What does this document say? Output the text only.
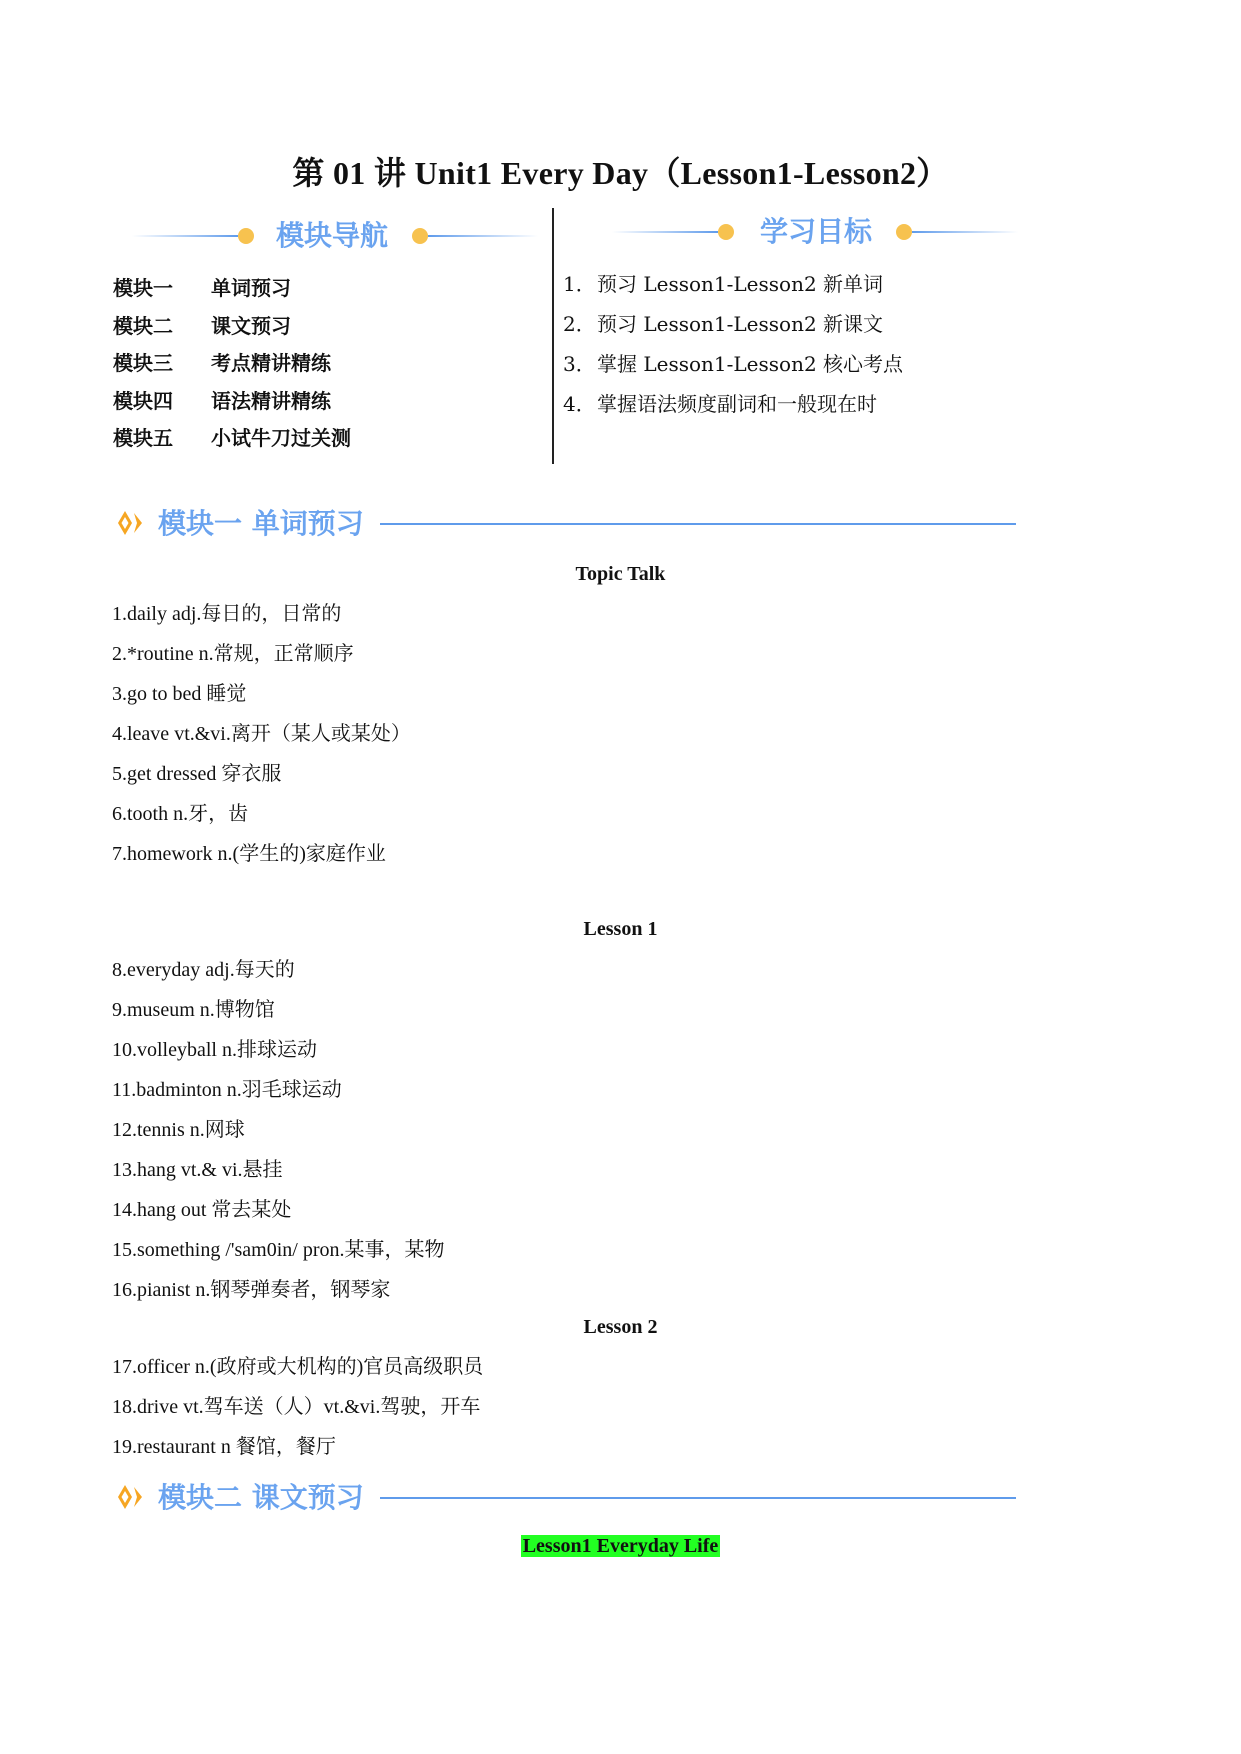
第 01 讲 Unit1 Every Day（Lesson1-Lesson2）
模块导航	学习目标
模块一 单词预习
模块二 课文预习
模块三 考点精讲精练
模块四 语法精讲精练
模块五 小试牛刀过关测
1．预习 Lesson1-Lesson2 新单词
2．预习 Lesson1-Lesson2 新课文
3．掌握 Lesson1-Lesson2 核心考点
4．掌握语法频度副词和一般现在时
模块一 单词预习
Topic Talk
1.daily adj.每日的，日常的
2.*routine n.常规，正常顺序
3.go to bed 睡觉
4.leave vt.&vi.离开（某人或某处）
5.get dressed 穿衣服
6.tooth n.牙，齿
7.homework n.(学生的)家庭作业
Lesson 1
8.everyday adj.每天的
9.museum n.博物馆
10.volleyball n.排球运动
11.badminton n.羽毛球运动
12.tennis n.网球
13.hang vt.& vi.悬挂
14.hang out 常去某处
15.something /'sam0in/ pron.某事，某物
16.pianist n.钢琴弹奏者，钢琴家
Lesson 2
17.officer n.(政府或大机构的)官员高级职员
18.drive vt.驾车送（人）vt.&vi.驾驶，开车
19.restaurant n 餐馆，餐厅
模块二 课文预习
Lesson1 Everyday Life
